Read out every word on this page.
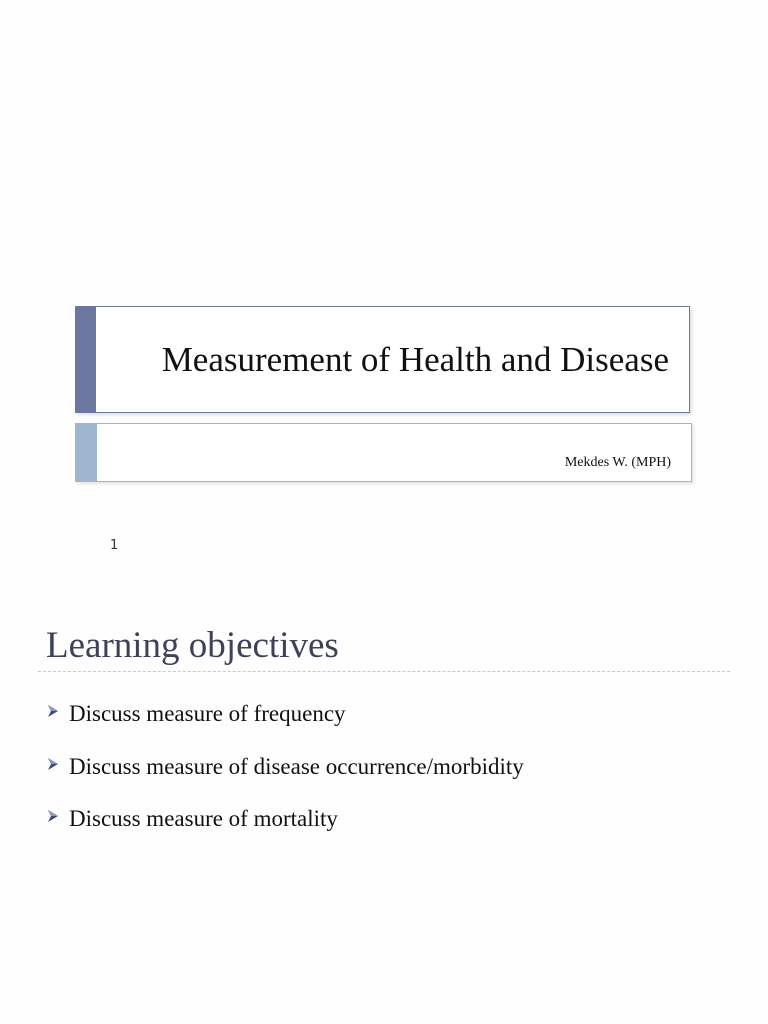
Measurement of Health and Disease
Mekdes W. (MPH)
1
Learning objectives
Discuss measure of frequency
Discuss measure of disease occurrence/morbidity
Discuss measure of mortality
